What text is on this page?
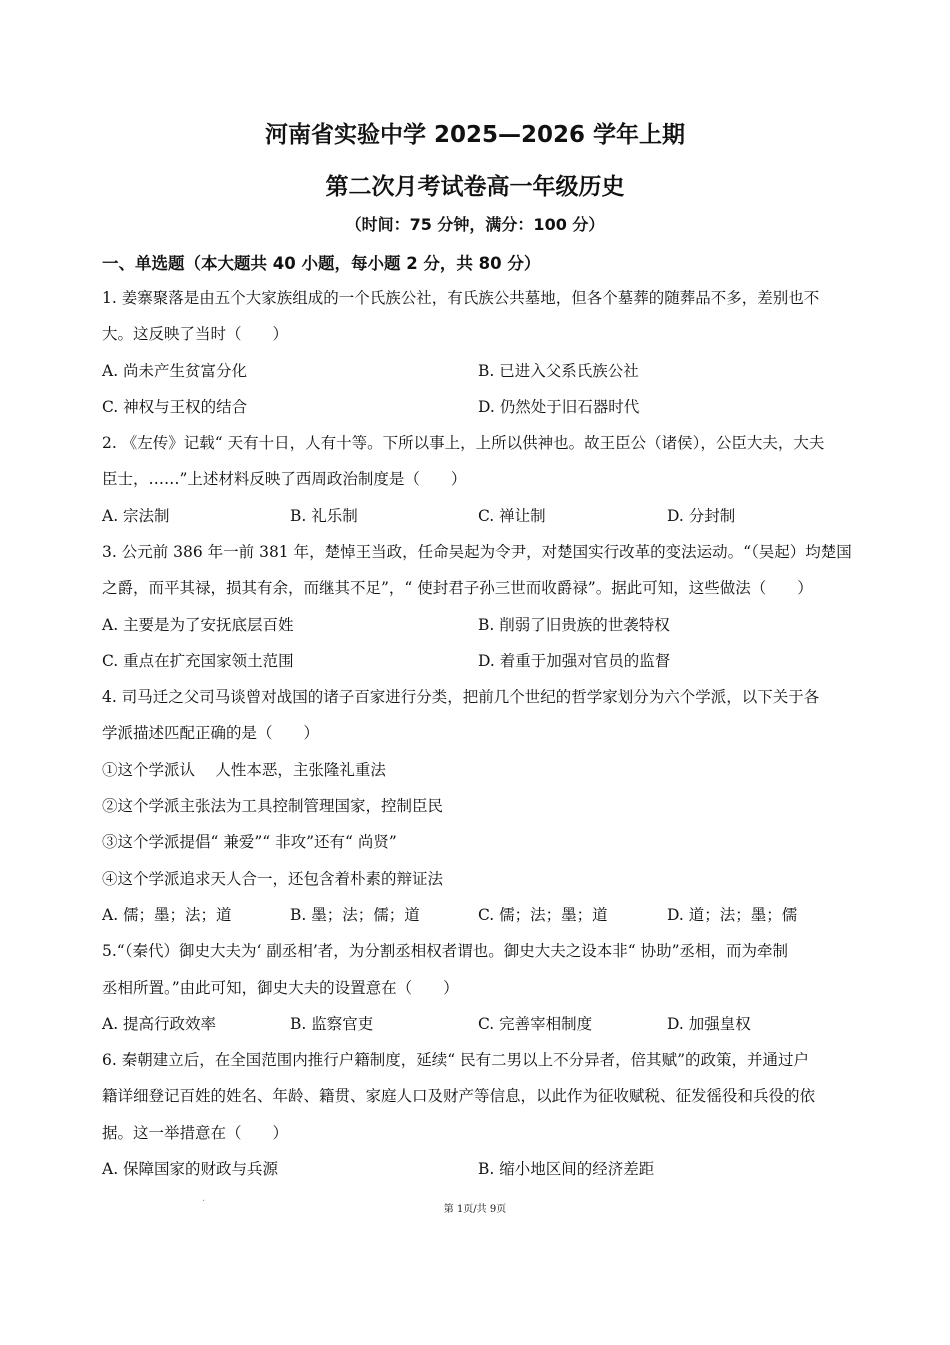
河南省实验中学 2025—2026 学年上期
第二次月考试卷高一年级历史
（时间：75 分钟，满分：100 分）
一、单选题（本大题共 40 小题，每小题 2 分，共 80 分）
1. 姜寨聚落是由五个大家族组成的一个氏族公社，有氏族公共墓地，但各个墓葬的随葬品不多，差别也不
大。这反映了当时（　　）
A. 尚未产生贫富分化	B. 已进入父系氏族公社
C. 神权与王权的结合	D. 仍然处于旧石器时代
2. 《左传》记载“ 天有十日，人有十等。下所以事上，上所以供神也。故王臣公（诸侯），公臣大夫，大夫
臣士，……”上述材料反映了西周政治制度是（　　）
A. 宗法制	B. 礼乐制	C. 禅让制	D. 分封制
3. 公元前 386 年一前 381 年，楚悼王当政，任命吴起为令尹，对楚国实行改革的变法运动。“（吴起）均楚国
之爵，而平其禄，损其有余，而继其不足”，“ 使封君子孙三世而收爵禄”。据此可知，这些做法（　　）
A. 主要是为了安抚底层百姓	B. 削弱了旧贵族的世袭特权
C. 重点在扩充国家领土范围	D. 着重于加强对官员的监督
4. 司马迁之父司马谈曾对战国的诸子百家进行分类，把前几个世纪的哲学家划分为六个学派，以下关于各
学派描述匹配正确的是（　　）
①这个学派认　 人性本恶，主张隆礼重法
②这个学派主张法为工具控制管理国家，控制臣民
③这个学派提倡“ 兼爱”“ 非攻”还有“ 尚贤”
④这个学派追求天人合一，还包含着朴素的辩证法
A. 儒；墨；法；道	B. 墨；法；儒；道	C. 儒；法；墨；道	D. 道；法；墨；儒
5.“（秦代）御史大夫为‘ 副丞相’者，为分割丞相权者谓也。御史大夫之设本非“ 协助”丞相，而为牵制
丞相所置。”由此可知，御史大夫的设置意在（　　）
A. 提高行政效率	B. 监察官吏	C. 完善宰相制度	D. 加强皇权
6. 秦朝建立后，在全国范围内推行户籍制度，延续“ 民有二男以上不分异者，倍其赋”的政策，并通过户
籍详细登记百姓的姓名、年龄、籍贯、家庭人口及财产等信息，以此作为征收赋税、征发徭役和兵役的依
据。这一举措意在（　　）
A. 保障国家的财政与兵源	B. 缩小地区间的经济差距
·
第 1页/共 9页
